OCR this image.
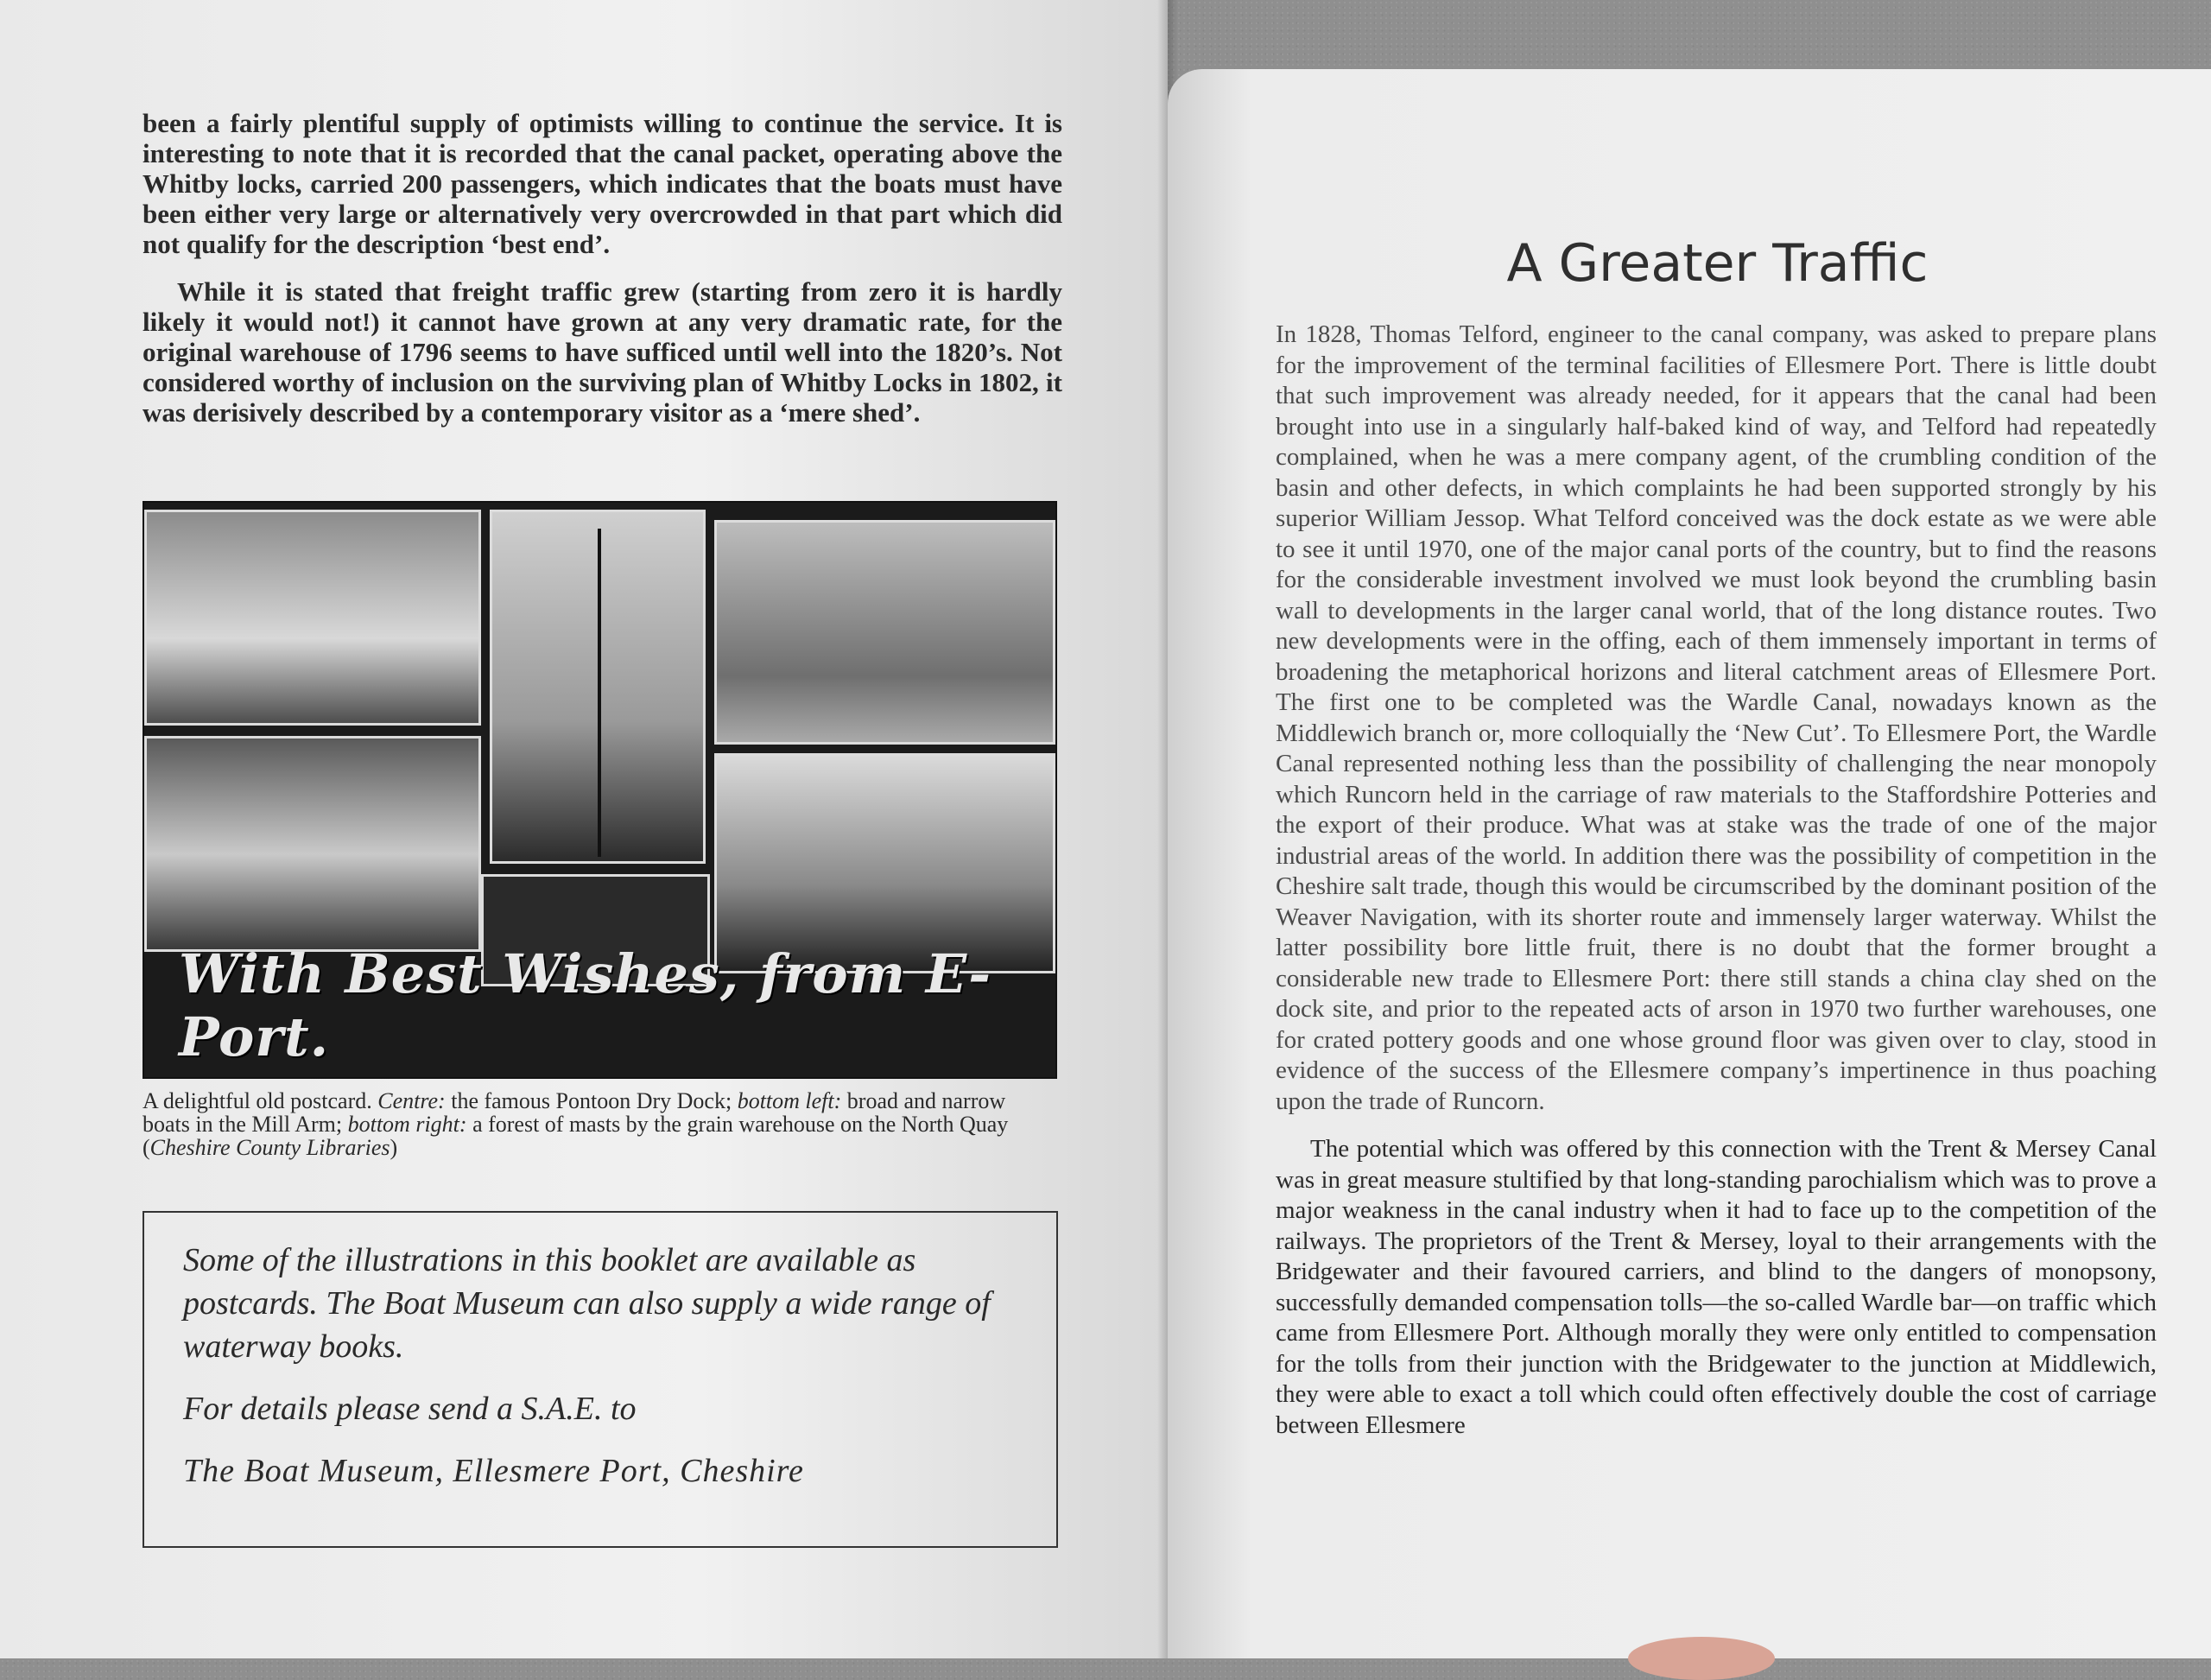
been a fairly plentiful supply of optimists willing to continue the service. It is interesting to note that it is recorded that the canal packet, operating above the Whitby locks, carried 200 passengers, which indicates that the boats must have been either very large or alternatively very overcrowded in that part which did not qualify for the description ‘best end’.

While it is stated that freight traffic grew (starting from zero it is hardly likely it would not!) it cannot have grown at any very dramatic rate, for the original warehouse of 1796 seems to have sufficed until well into the 1820’s. Not considered worthy of inclusion on the surviving plan of Whitby Locks in 1802, it was derisively described by a contemporary visitor as a ‘mere shed’.

With Best Wishes, from E-Port.
A delightful old postcard. Centre: the famous Pontoon Dry Dock; bottom left: broad and narrow boats in the Mill Arm; bottom right: a forest of masts by the grain warehouse on the North Quay (Cheshire County Libraries)

Some of the illustrations in this booklet are available as postcards. The Boat Museum can also supply a wide range of waterway books.

For details please send a S.A.E. to

The Boat Museum, Ellesmere Port, Cheshire

A Greater Traffic

In 1828, Thomas Telford, engineer to the canal company, was asked to prepare plans for the improvement of the terminal facilities of Ellesmere Port. There is little doubt that such improvement was already needed, for it appears that the canal had been brought into use in a singularly half-baked kind of way, and Telford had repeatedly complained, when he was a mere company agent, of the crumbling condition of the basin and other defects, in which complaints he had been supported strongly by his superior William Jessop. What Telford conceived was the dock estate as we were able to see it until 1970, one of the major canal ports of the country, but to find the reasons for the considerable investment involved we must look beyond the crumbling basin wall to developments in the larger canal world, that of the long distance routes. Two new developments were in the offing, each of them immensely important in terms of broadening the metaphorical horizons and literal catchment areas of Ellesmere Port. The first one to be completed was the Wardle Canal, nowadays known as the Middlewich branch or, more colloquially the ‘New Cut’. To Ellesmere Port, the Wardle Canal represented nothing less than the possibility of challenging the near monopoly which Runcorn held in the carriage of raw materials to the Staffordshire Potteries and the export of their produce. What was at stake was the trade of one of the major industrial areas of the world. In addition there was the possibility of competition in the Cheshire salt trade, though this would be circumscribed by the dominant position of the Weaver Navigation, with its shorter route and immensely larger waterway. Whilst the latter possibility bore little fruit, there is no doubt that the former brought a considerable new trade to Ellesmere Port: there still stands a china clay shed on the dock site, and prior to the repeated acts of arson in 1970 two further warehouses, one for crated pottery goods and one whose ground floor was given over to clay, stood in evidence of the success of the Ellesmere company’s impertinence in thus poaching upon the trade of Runcorn.

The potential which was offered by this connection with the Trent & Mersey Canal was in great measure stultified by that long-standing parochialism which was to prove a major weakness in the canal industry when it had to face up to the competition of the railways. The proprietors of the Trent & Mersey, loyal to their arrangements with the Bridgewater and their favoured carriers, and blind to the dangers of monopsony, successfully demanded compensation tolls—the so-called Wardle bar—on traffic which came from Ellesmere Port. Although morally they were only entitled to compensation for the tolls from their junction with the Bridgewater to the junction at Middlewich, they were able to exact a toll which could often effectively double the cost of carriage between Ellesmere
